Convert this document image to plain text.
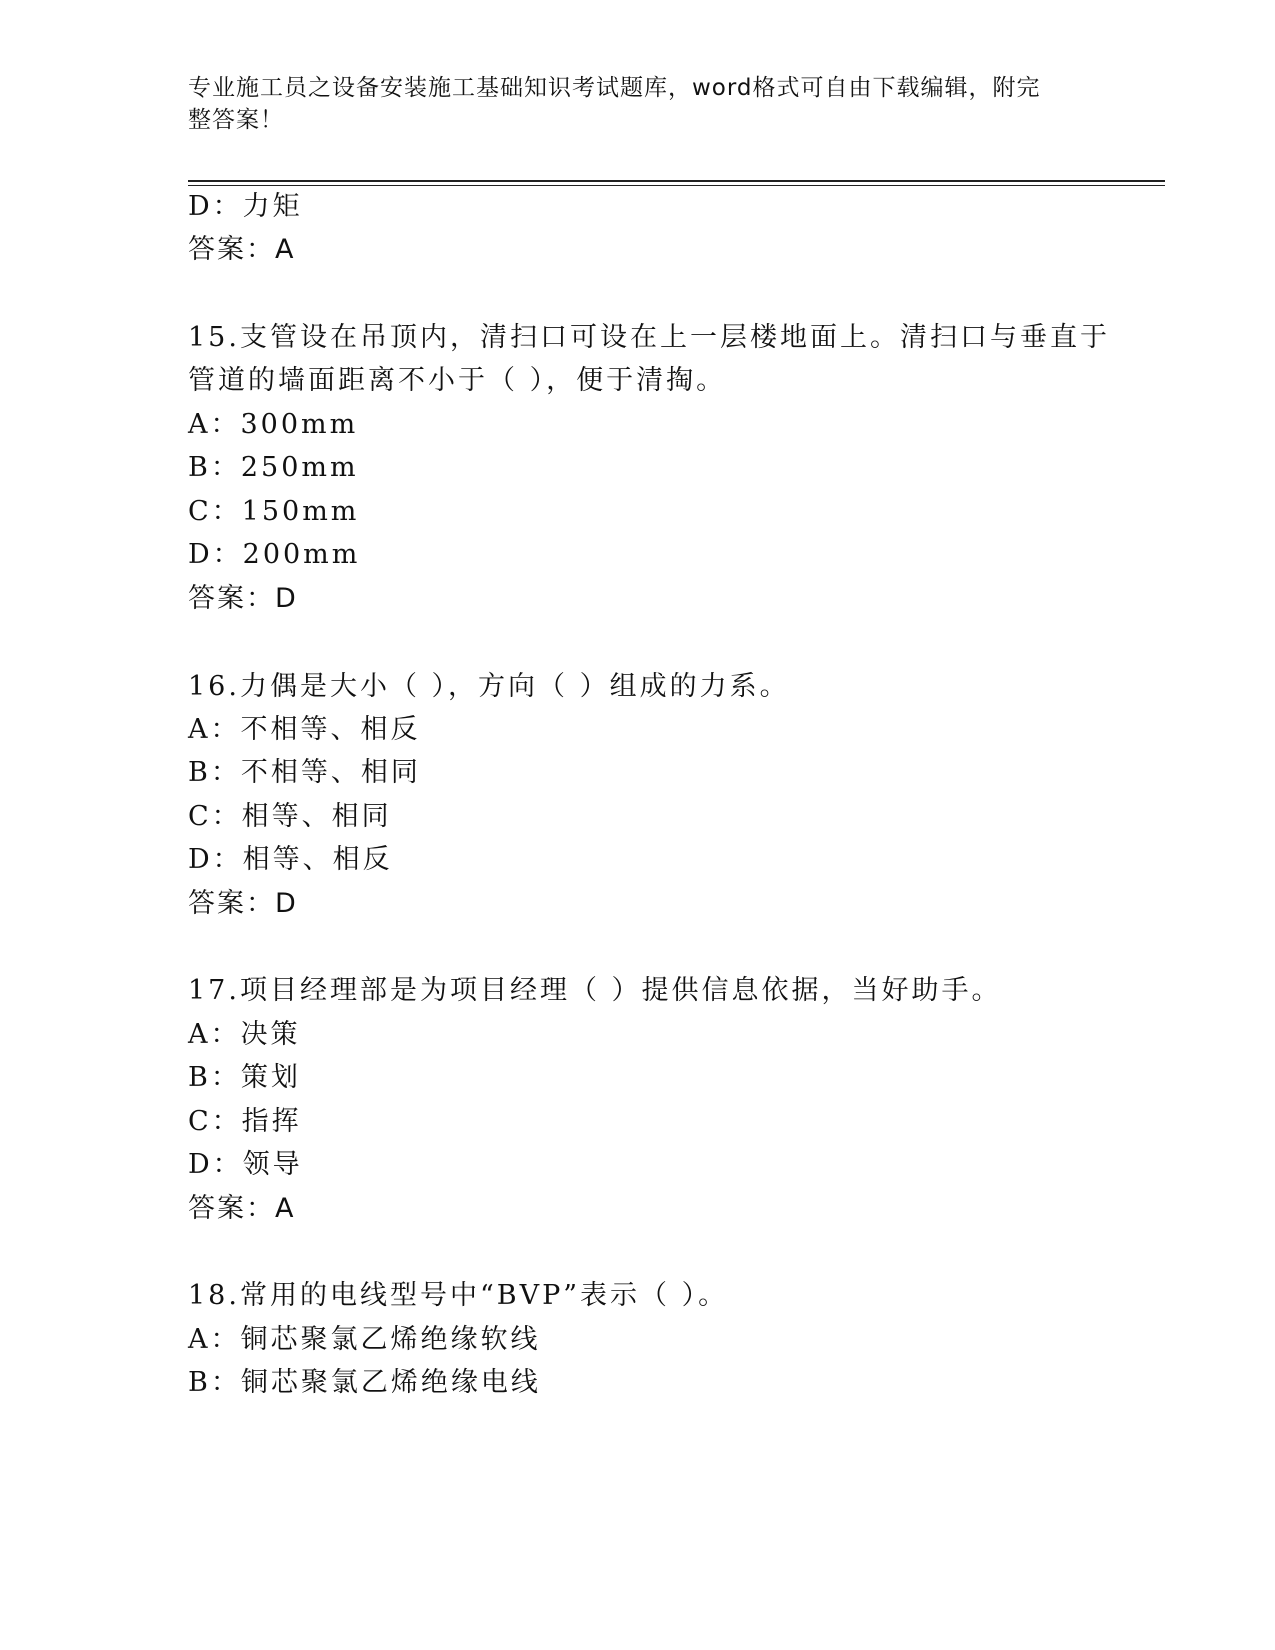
专业施工员之设备安装施工基础知识考试题库，word格式可自由下载编辑，附完
整答案！
D：力矩
答案：A
15.支管设在吊顶内，清扫口可设在上一层楼地面上。清扫口与垂直于
管道的墙面距离不小于（ ），便于清掏。
A：300mm
B：250mm
C：150mm
D：200mm
答案：D
16.力偶是大小（ ），方向（ ）组成的力系。
A：不相等、相反
B：不相等、相同
C：相等、相同
D：相等、相反
答案：D
17.项目经理部是为项目经理（ ）提供信息依据，当好助手。
A：决策
B：策划
C：指挥
D：领导
答案：A
18.常用的电线型号中“BVP”表示（ ）。
A：铜芯聚氯乙烯绝缘软线
B：铜芯聚氯乙烯绝缘电线
